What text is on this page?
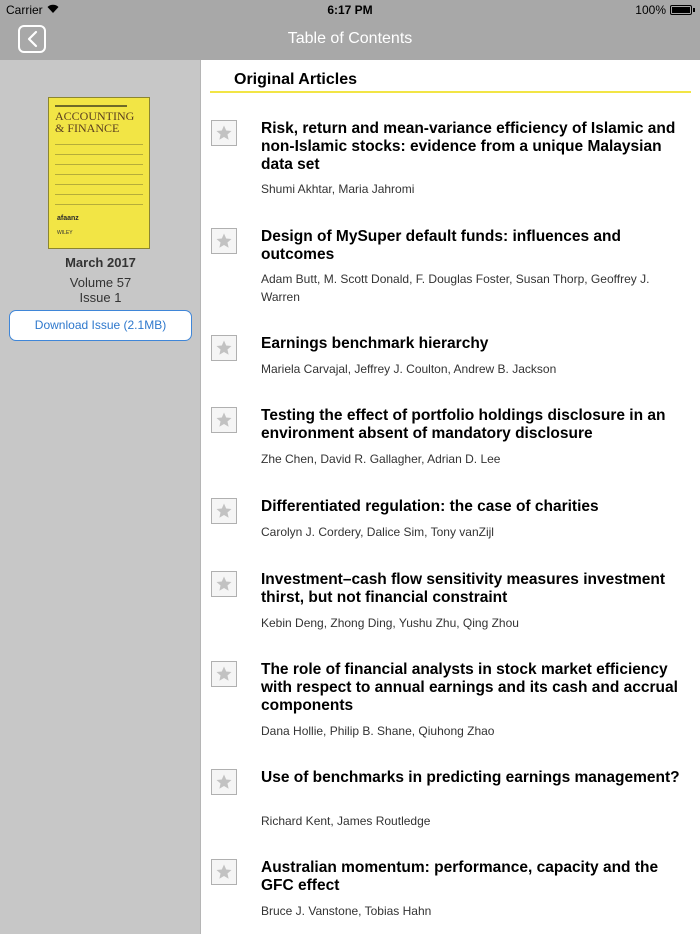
Carrier	6:17 PM	100%
Table of Contents
ACCOUNTING
& FINANCE
afaanz
WILEY
March 2017
Volume 57
Issue 1
Download Issue (2.1MB)
Original Articles
Risk, return and mean-variance efficiency of Islamic and non-Islamic stocks: evidence from a unique Malaysian data set
Shumi Akhtar, Maria Jahromi
Design of MySuper default funds: influences and outcomes
Adam Butt, M. Scott Donald, F. Douglas Foster, Susan Thorp, Geoffrey J. Warren
Earnings benchmark hierarchy
Mariela Carvajal, Jeffrey J. Coulton, Andrew B. Jackson
Testing the effect of portfolio holdings disclosure in an environment absent of mandatory disclosure
Zhe Chen, David R. Gallagher, Adrian D. Lee
Differentiated regulation: the case of charities
Carolyn J. Cordery, Dalice Sim, Tony vanZijl
Investment–cash flow sensitivity measures investment thirst, but not financial constraint
Kebin Deng, Zhong Ding, Yushu Zhu, Qing Zhou
The role of financial analysts in stock market efficiency with respect to annual earnings and its cash and accrual components
Dana Hollie, Philip B. Shane, Qiuhong Zhao
Use of benchmarks in predicting earnings management?
Richard Kent, James Routledge
Australian momentum: performance, capacity and the GFC effect
Bruce J. Vanstone, Tobias Hahn
